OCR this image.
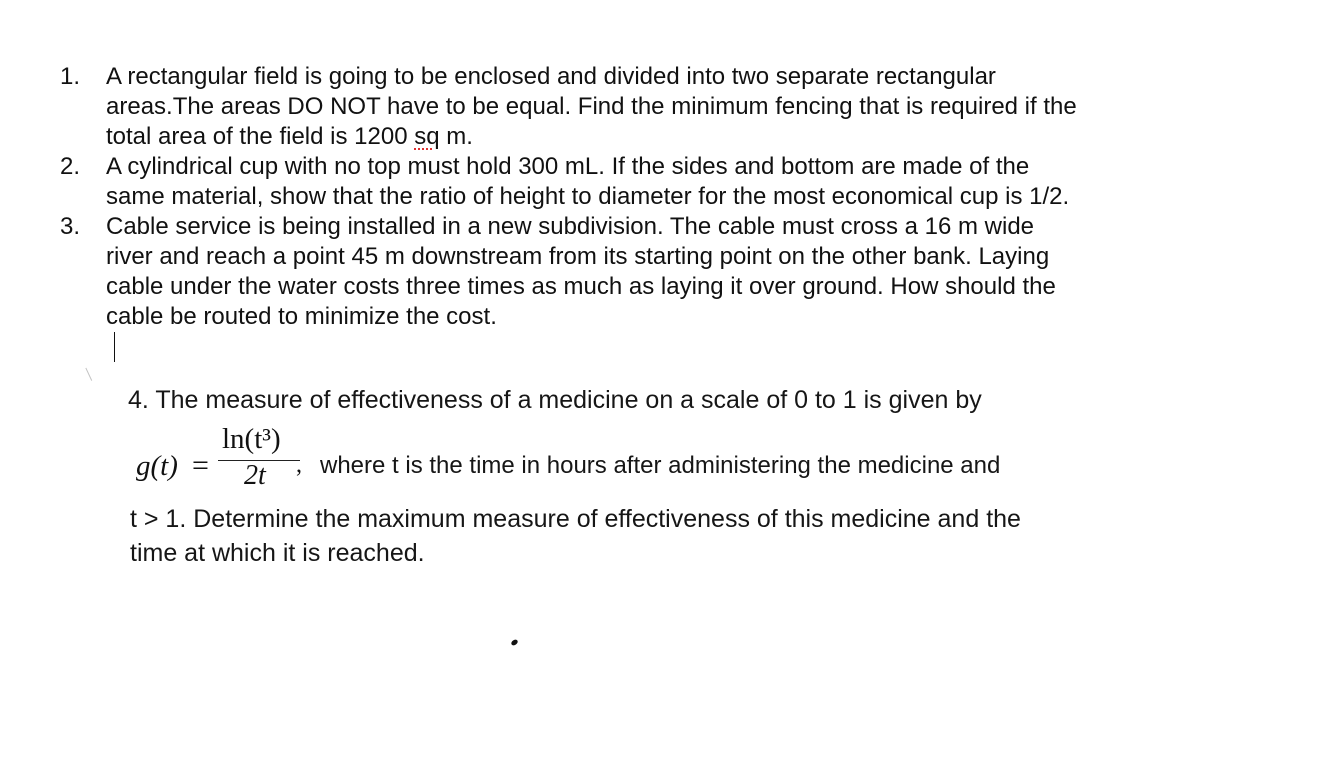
1.	A rectangular field is going to be enclosed and divided into two separate rectangular
areas.The areas DO NOT have to be equal. Find the minimum fencing that is required if the
total area of the field is 1200 sq m.
2.	A cylindrical cup with no top must hold 300 mL. If the sides and bottom are made of the
same material, show that the ratio of height to diameter for the most economical cup is 1/2.
3.	Cable service is being installed in a new subdivision. The cable must cross a 16 m wide
river and reach a point 45 m downstream from its starting point on the other bank. Laying
cable under the water costs three times as much as laying it over ground. How should the
cable be routed to minimize the cost.
4. The measure of effectiveness of a medicine on a scale of 0 to 1 is given by
g(t) =
ln(t³)
2t , where t is the time in hours after administering the medicine and
t > 1. Determine the maximum measure of effectiveness of this medicine and the
time at which it is reached.
